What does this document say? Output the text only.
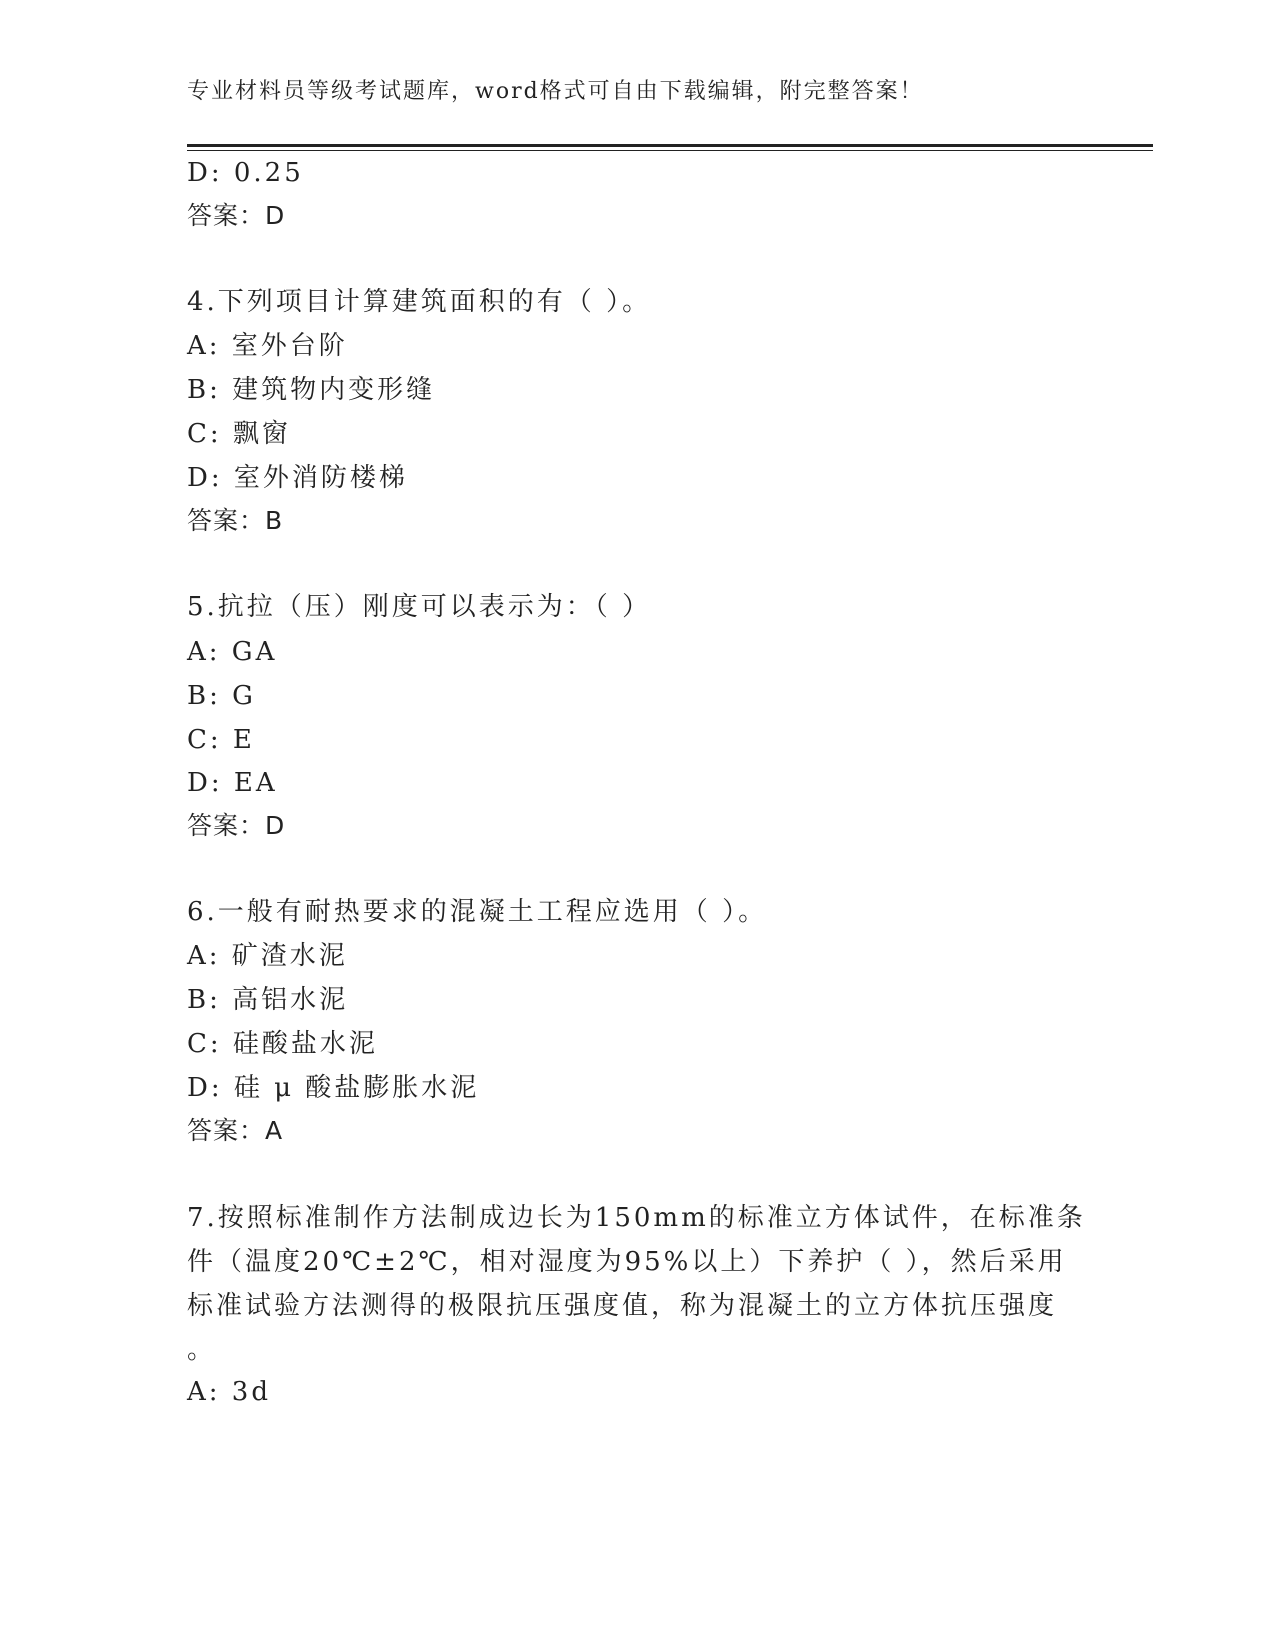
专业材料员等级考试题库，word格式可自由下载编辑，附完整答案！
D: 0.25
答案：D
4.下列项目计算建筑面积的有（ ）。
A: 室外台阶
B: 建筑物内变形缝
C: 飘窗
D: 室外消防楼梯
答案：B
5.抗拉（压）刚度可以表示为：（ ）
A: GA
B: G
C: E
D: EA
答案：D
6.一般有耐热要求的混凝土工程应选用（ ）。
A: 矿渣水泥
B: 高铝水泥
C: 硅酸盐水泥
D: 硅 μ 酸盐膨胀水泥
答案：A
7.按照标准制作方法制成边长为150mm的标准立方体试件，在标准条
件（温度20℃±2℃，相对湿度为95%以上）下养护（ ），然后采用
标准试验方法测得的极限抗压强度值，称为混凝土的立方体抗压强度
。
A: 3d
